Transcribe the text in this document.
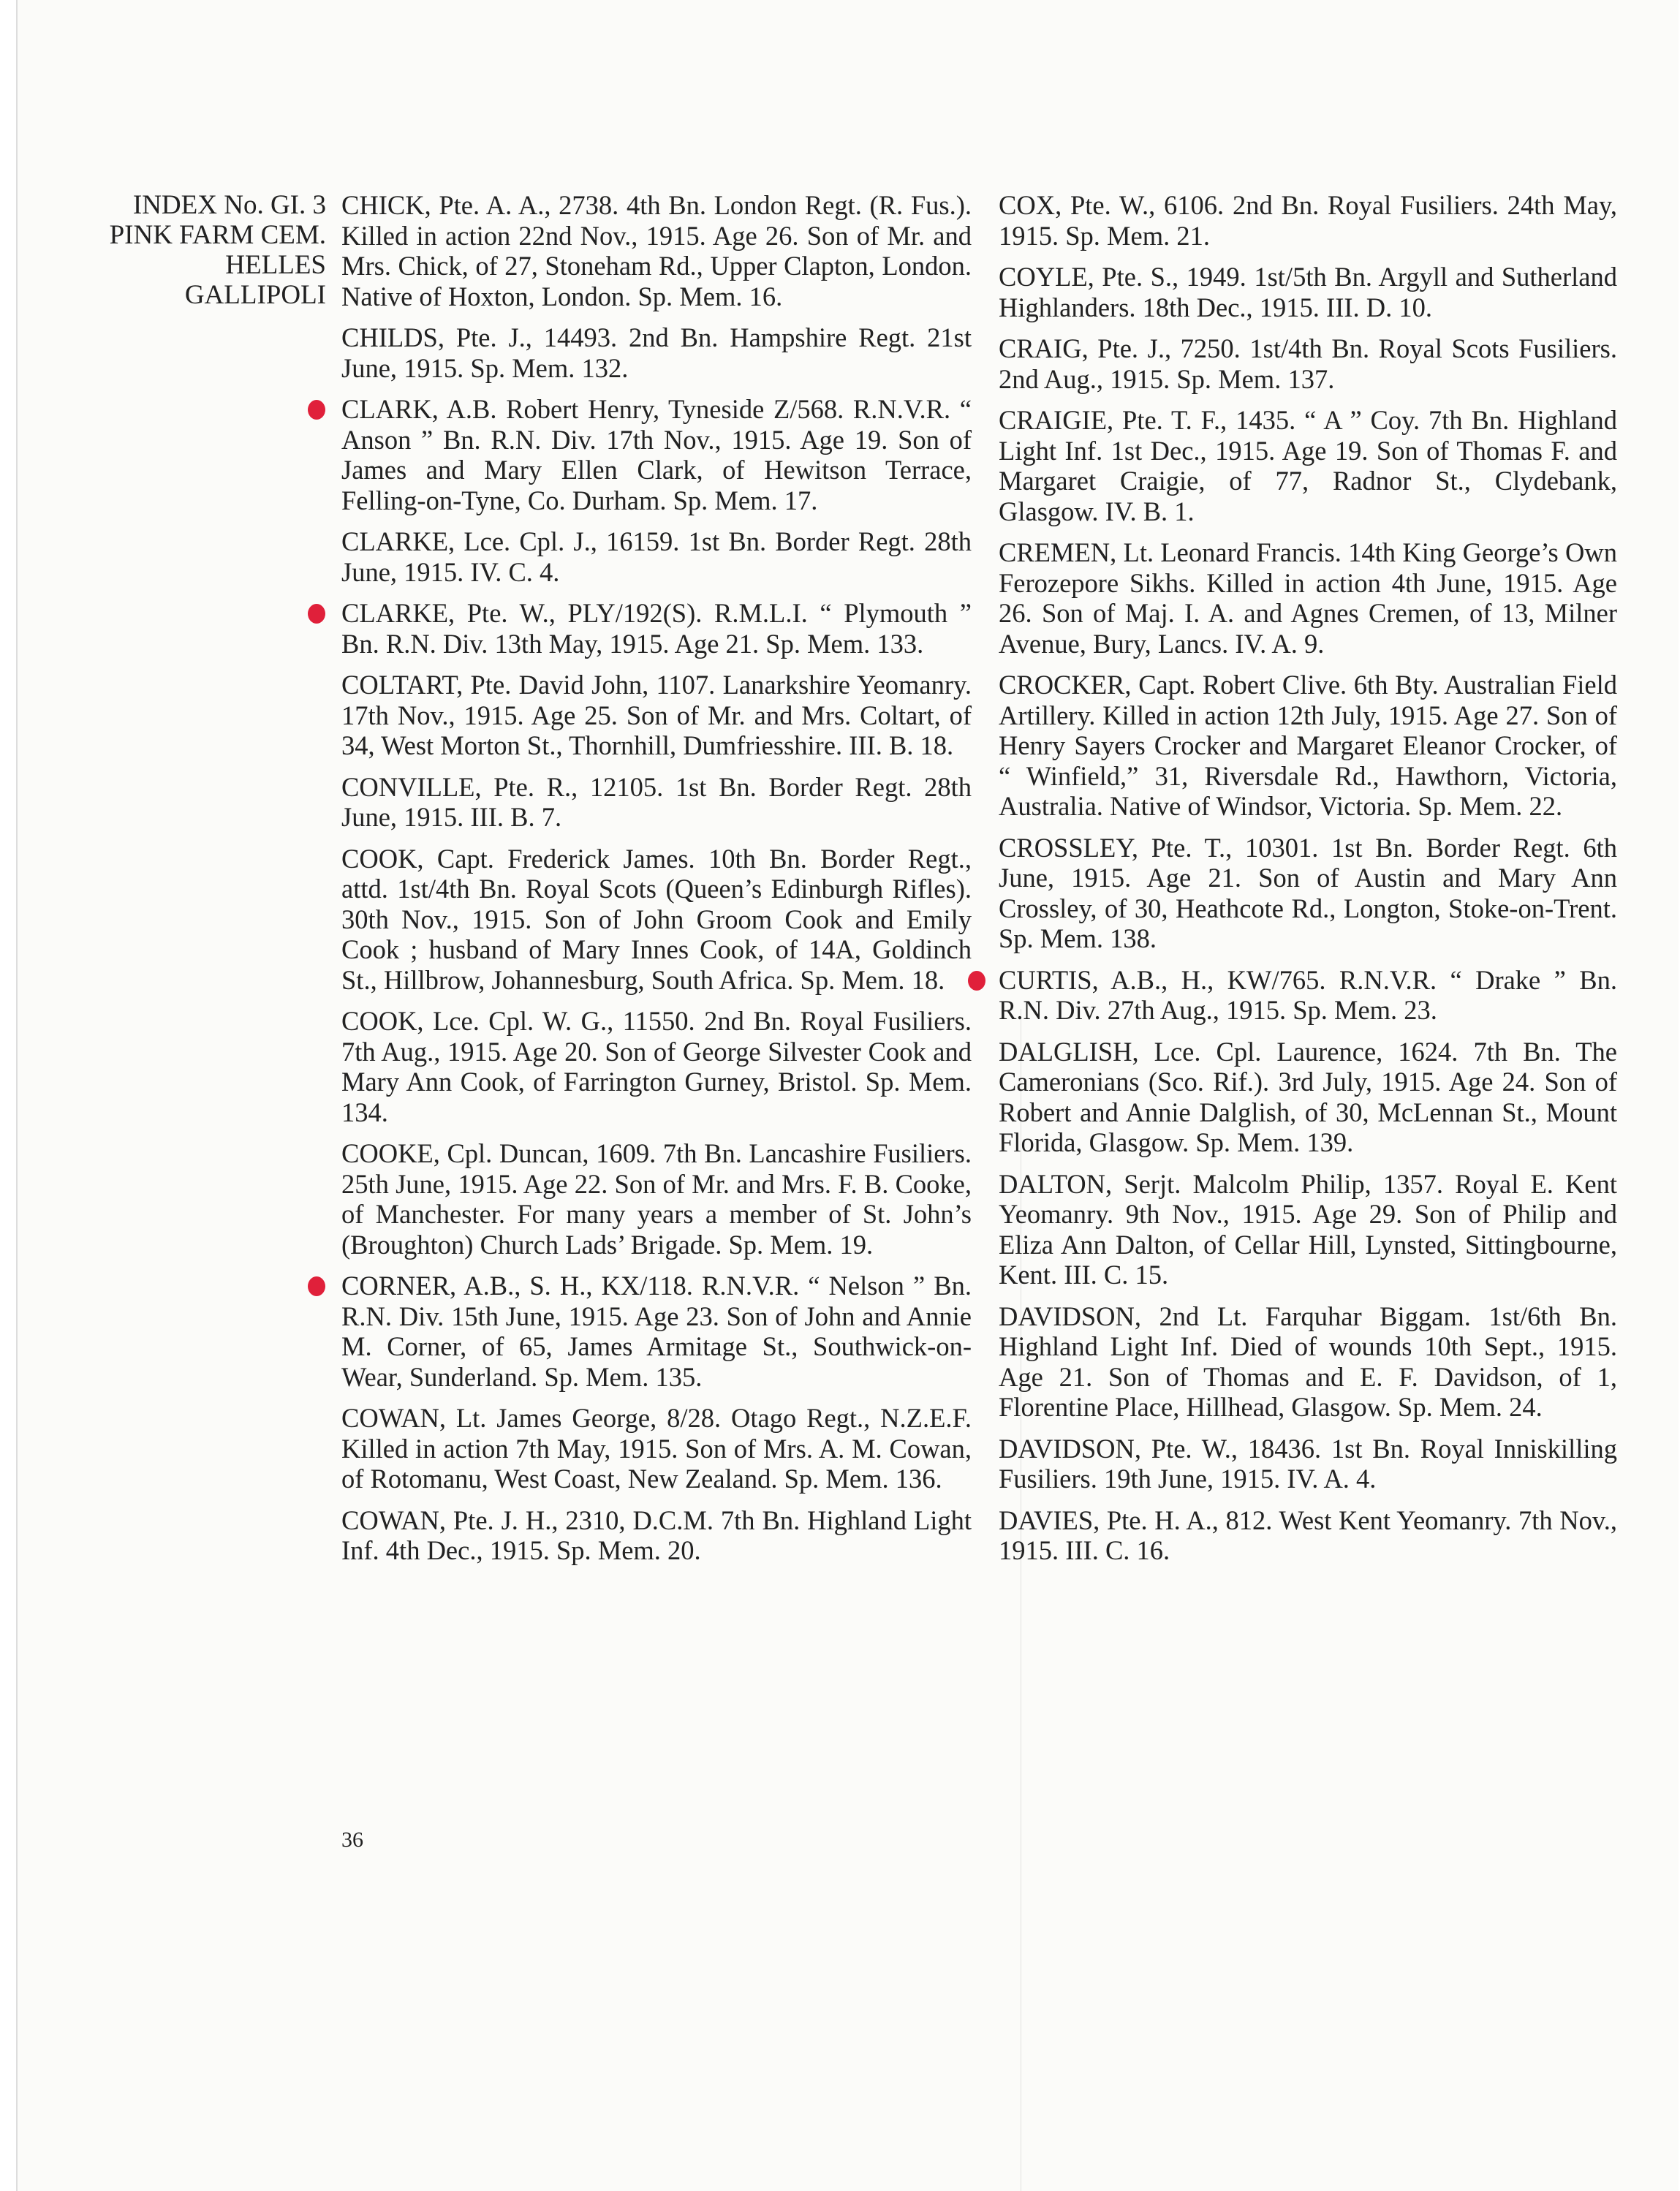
INDEX No. GI. 3
PINK FARM CEM.
HELLES
GALLIPOLI

CHICK, Pte. A. A., 2738. 4th Bn. London Regt. (R. Fus.). Killed in action 22nd Nov., 1915. Age 26. Son of Mr. and Mrs. Chick, of 27, Stoneham Rd., Upper Clapton, London. Native of Hoxton, London. Sp. Mem. 16.

CHILDS, Pte. J., 14493. 2nd Bn. Hampshire Regt. 21st June, 1915. Sp. Mem. 132.

CLARK, A.B. Robert Henry, Tyneside Z/568. R.N.V.R. “ Anson ” Bn. R.N. Div. 17th Nov., 1915. Age 19. Son of James and Mary Ellen Clark, of Hewitson Terrace, Felling-on-Tyne, Co. Durham. Sp. Mem. 17.

CLARKE, Lce. Cpl. J., 16159. 1st Bn. Border Regt. 28th June, 1915. IV. C. 4.

CLARKE, Pte. W., PLY/192(S). R.M.L.I. “ Plymouth ” Bn. R.N. Div. 13th May, 1915. Age 21. Sp. Mem. 133.

COLTART, Pte. David John, 1107. Lanarkshire Yeomanry. 17th Nov., 1915. Age 25. Son of Mr. and Mrs. Coltart, of 34, West Morton St., Thornhill, Dumfriesshire. III. B. 18.

CONVILLE, Pte. R., 12105. 1st Bn. Border Regt. 28th June, 1915. III. B. 7.

COOK, Capt. Frederick James. 10th Bn. Border Regt., attd. 1st/4th Bn. Royal Scots (Queen’s Edinburgh Rifles). 30th Nov., 1915. Son of John Groom Cook and Emily Cook ; husband of Mary Innes Cook, of 14A, Goldinch St., Hillbrow, Johannesburg, South Africa. Sp. Mem. 18.

COOK, Lce. Cpl. W. G., 11550. 2nd Bn. Royal Fusiliers. 7th Aug., 1915. Age 20. Son of George Silvester Cook and Mary Ann Cook, of Farrington Gurney, Bristol. Sp. Mem. 134.

COOKE, Cpl. Duncan, 1609. 7th Bn. Lancashire Fusiliers. 25th June, 1915. Age 22. Son of Mr. and Mrs. F. B. Cooke, of Manchester. For many years a member of St. John’s (Broughton) Church Lads’ Brigade. Sp. Mem. 19.

CORNER, A.B., S. H., KX/118. R.N.V.R. “ Nelson ” Bn. R.N. Div. 15th June, 1915. Age 23. Son of John and Annie M. Corner, of 65, James Armitage St., Southwick-on-Wear, Sunderland. Sp. Mem. 135.

COWAN, Lt. James George, 8/28. Otago Regt., N.Z.E.F. Killed in action 7th May, 1915. Son of Mrs. A. M. Cowan, of Rotomanu, West Coast, New Zealand. Sp. Mem. 136.

COWAN, Pte. J. H., 2310, D.C.M. 7th Bn. Highland Light Inf. 4th Dec., 1915. Sp. Mem. 20.

COX, Pte. W., 6106. 2nd Bn. Royal Fusiliers. 24th May, 1915. Sp. Mem. 21.

COYLE, Pte. S., 1949. 1st/5th Bn. Argyll and Sutherland Highlanders. 18th Dec., 1915. III. D. 10.

CRAIG, Pte. J., 7250. 1st/4th Bn. Royal Scots Fusiliers. 2nd Aug., 1915. Sp. Mem. 137.

CRAIGIE, Pte. T. F., 1435. “ A ” Coy. 7th Bn. Highland Light Inf. 1st Dec., 1915. Age 19. Son of Thomas F. and Margaret Craigie, of 77, Radnor St., Clydebank, Glasgow. IV. B. 1.

CREMEN, Lt. Leonard Francis. 14th King George’s Own Ferozepore Sikhs. Killed in action 4th June, 1915. Age 26. Son of Maj. I. A. and Agnes Cremen, of 13, Milner Avenue, Bury, Lancs. IV. A. 9.

CROCKER, Capt. Robert Clive. 6th Bty. Australian Field Artillery. Killed in action 12th July, 1915. Age 27. Son of Henry Sayers Crocker and Margaret Eleanor Crocker, of “ Winfield,” 31, Riversdale Rd., Hawthorn, Victoria, Australia. Native of Windsor, Victoria. Sp. Mem. 22.

CROSSLEY, Pte. T., 10301. 1st Bn. Border Regt. 6th June, 1915. Age 21. Son of Austin and Mary Ann Crossley, of 30, Heathcote Rd., Longton, Stoke-on-Trent. Sp. Mem. 138.

CURTIS, A.B., H., KW/765. R.N.V.R. “ Drake ” Bn. R.N. Div. 27th Aug., 1915. Sp. Mem. 23.

DALGLISH, Lce. Cpl. Laurence, 1624. 7th Bn. The Cameronians (Sco. Rif.). 3rd July, 1915. Age 24. Son of Robert and Annie Dalglish, of 30, McLennan St., Mount Florida, Glasgow. Sp. Mem. 139.

DALTON, Serjt. Malcolm Philip, 1357. Royal E. Kent Yeomanry. 9th Nov., 1915. Age 29. Son of Philip and Eliza Ann Dalton, of Cellar Hill, Lynsted, Sittingbourne, Kent. III. C. 15.

DAVIDSON, 2nd Lt. Farquhar Biggam. 1st/6th Bn. Highland Light Inf. Died of wounds 10th Sept., 1915. Age 21. Son of Thomas and E. F. Davidson, of 1, Florentine Place, Hillhead, Glasgow. Sp. Mem. 24.

DAVIDSON, Pte. W., 18436. 1st Bn. Royal Inniskilling Fusiliers. 19th June, 1915. IV. A. 4.

DAVIES, Pte. H. A., 812. West Kent Yeomanry. 7th Nov., 1915. III. C. 16.

36
